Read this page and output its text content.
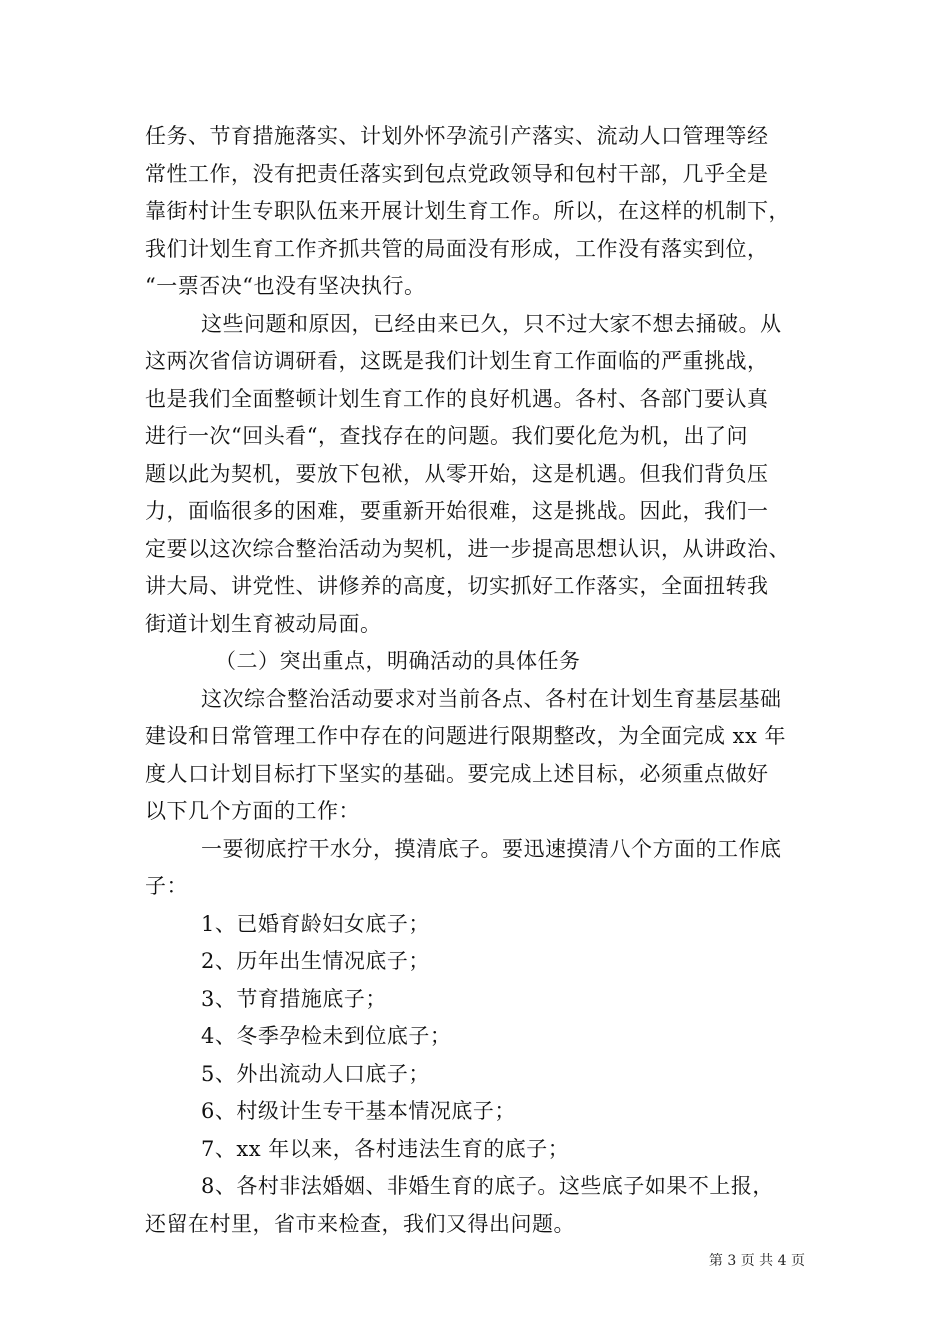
任务、节育措施落实、计划外怀孕流引产落实、流动人口管理等经
常性工作，没有把责任落实到包点党政领导和包村干部，几乎全是
靠街村计生专职队伍来开展计划生育工作。所以，在这样的机制下，
我们计划生育工作齐抓共管的局面没有形成，工作没有落实到位，
“一票否决“也没有坚决执行。
这些问题和原因，已经由来已久，只不过大家不想去捅破。从
这两次省信访调研看，这既是我们计划生育工作面临的严重挑战，
也是我们全面整顿计划生育工作的良好机遇。各村、各部门要认真
进行一次“回头看“，查找存在的问题。我们要化危为机，出了问
题以此为契机，要放下包袱，从零开始，这是机遇。但我们背负压
力，面临很多的困难，要重新开始很难，这是挑战。因此，我们一
定要以这次综合整治活动为契机，进一步提高思想认识，从讲政治、
讲大局、讲党性、讲修养的高度，切实抓好工作落实，全面扭转我
街道计划生育被动局面。
（二）突出重点，明确活动的具体任务
这次综合整治活动要求对当前各点、各村在计划生育基层基础
建设和日常管理工作中存在的问题进行限期整改，为全面完成 xx 年
度人口计划目标打下坚实的基础。要完成上述目标，必须重点做好
以下几个方面的工作：
一要彻底拧干水分，摸清底子。要迅速摸清八个方面的工作底
子：
1、已婚育龄妇女底子；
2、历年出生情况底子；
3、节育措施底子；
4、冬季孕检未到位底子；
5、外出流动人口底子；
6、村级计生专干基本情况底子；
7、xx 年以来，各村违法生育的底子；
8、各村非法婚姻、非婚生育的底子。这些底子如果不上报，
还留在村里，省市来检查，我们又得出问题。
第 3 页 共 4 页
